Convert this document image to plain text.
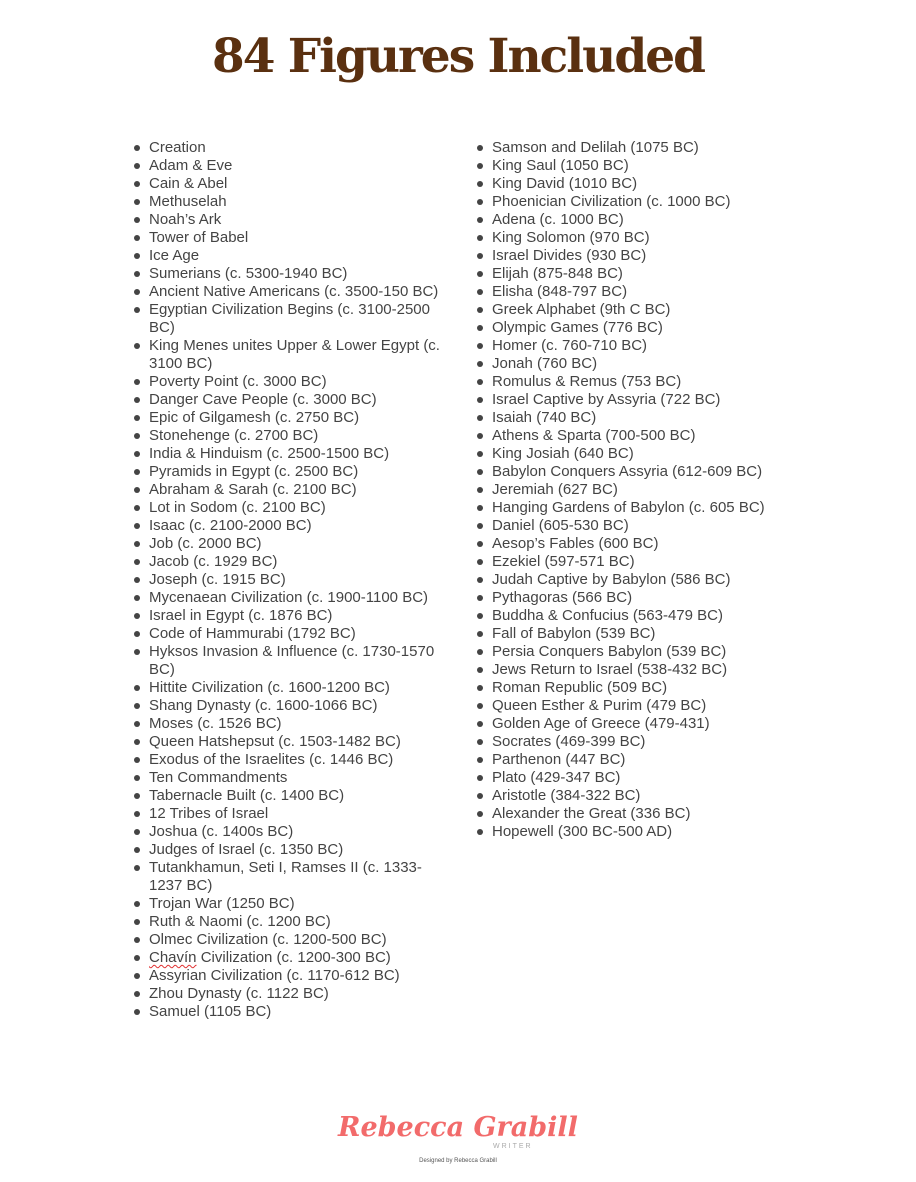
84 Figures Included
Creation
Adam & Eve
Cain & Abel
Methuselah
Noah’s Ark
Tower of Babel
Ice Age
Sumerians (c. 5300-1940 BC)
Ancient Native Americans (c. 3500-150 BC)
Egyptian Civilization Begins (c. 3100-2500 BC)
King Menes unites Upper & Lower Egypt (c. 3100 BC)
Poverty Point (c. 3000 BC)
Danger Cave People (c. 3000 BC)
Epic of Gilgamesh (c. 2750 BC)
Stonehenge (c. 2700 BC)
India & Hinduism (c. 2500-1500 BC)
Pyramids in Egypt (c. 2500 BC)
Abraham & Sarah (c. 2100 BC)
Lot in Sodom (c. 2100 BC)
Isaac (c. 2100-2000 BC)
Job (c. 2000 BC)
Jacob (c. 1929 BC)
Joseph (c. 1915 BC)
Mycenaean Civilization (c. 1900-1100 BC)
Israel in Egypt (c. 1876 BC)
Code of Hammurabi (1792 BC)
Hyksos Invasion & Influence (c. 1730-1570 BC)
Hittite Civilization (c. 1600-1200 BC)
Shang Dynasty (c. 1600-1066 BC)
Moses (c. 1526 BC)
Queen Hatshepsut (c. 1503-1482 BC)
Exodus of the Israelites (c. 1446 BC)
Ten Commandments
Tabernacle Built (c. 1400 BC)
12 Tribes of Israel
Joshua (c. 1400s BC)
Judges of Israel (c. 1350 BC)
Tutankhamun, Seti I, Ramses II (c. 1333-1237 BC)
Trojan War (1250 BC)
Ruth & Naomi (c. 1200 BC)
Olmec Civilization (c. 1200-500 BC)
Chavín Civilization (c. 1200-300 BC)
Assyrian Civilization (c. 1170-612 BC)
Zhou Dynasty (c. 1122 BC)
Samuel (1105 BC)
Samson and Delilah (1075 BC)
King Saul (1050 BC)
King David (1010 BC)
Phoenician Civilization (c. 1000 BC)
Adena (c. 1000 BC)
King Solomon (970 BC)
Israel Divides (930 BC)
Elijah (875-848 BC)
Elisha (848-797 BC)
Greek Alphabet (9th C BC)
Olympic Games (776 BC)
Homer (c. 760-710 BC)
Jonah (760 BC)
Romulus & Remus (753 BC)
Israel Captive by Assyria (722 BC)
Isaiah (740 BC)
Athens & Sparta (700-500 BC)
King Josiah (640 BC)
Babylon Conquers Assyria (612-609 BC)
Jeremiah (627 BC)
Hanging Gardens of Babylon (c. 605 BC)
Daniel (605-530 BC)
Aesop’s Fables (600 BC)
Ezekiel (597-571 BC)
Judah Captive by Babylon (586 BC)
Pythagoras (566 BC)
Buddha & Confucius (563-479 BC)
Fall of Babylon (539 BC)
Persia Conquers Babylon (539 BC)
Jews Return to Israel (538-432 BC)
Roman Republic (509 BC)
Queen Esther & Purim (479 BC)
Golden Age of Greece (479-431)
Socrates (469-399 BC)
Parthenon (447 BC)
Plato (429-347 BC)
Aristotle (384-322 BC)
Alexander the Great (336 BC)
Hopewell (300 BC-500 AD)
Rebecca Grabill
WRITER
Designed by Rebecca Grabill
